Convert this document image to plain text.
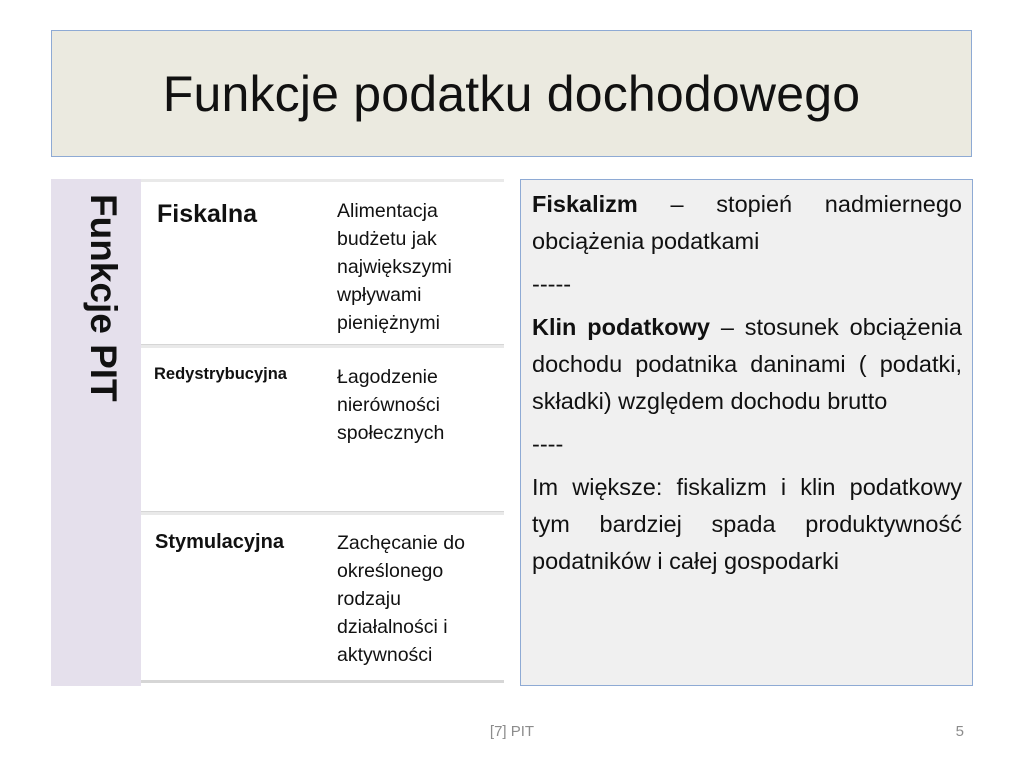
Funkcje podatku dochodowego
Funkcje PIT Fiskalna	Alimentacja
budżetu jak
największymi
wpływami
pieniężnymi
Redystrybucyjna	Łagodzenie
nierówności
społecznych
Stymulacyjna	Zachęcanie do
określonego
rodzaju
działalności i
aktywności

Fiskalizm – stopień nadmiernego obciążenia podatkami

-----

Klin podatkowy – stosunek obciążenia dochodu podatnika daninami ( podatki, składki) względem dochodu brutto

----

Im większe: fiskalizm i klin podatkowy tym bardziej spada produktywność podatników i całej gospodarki

[7] PIT	5
